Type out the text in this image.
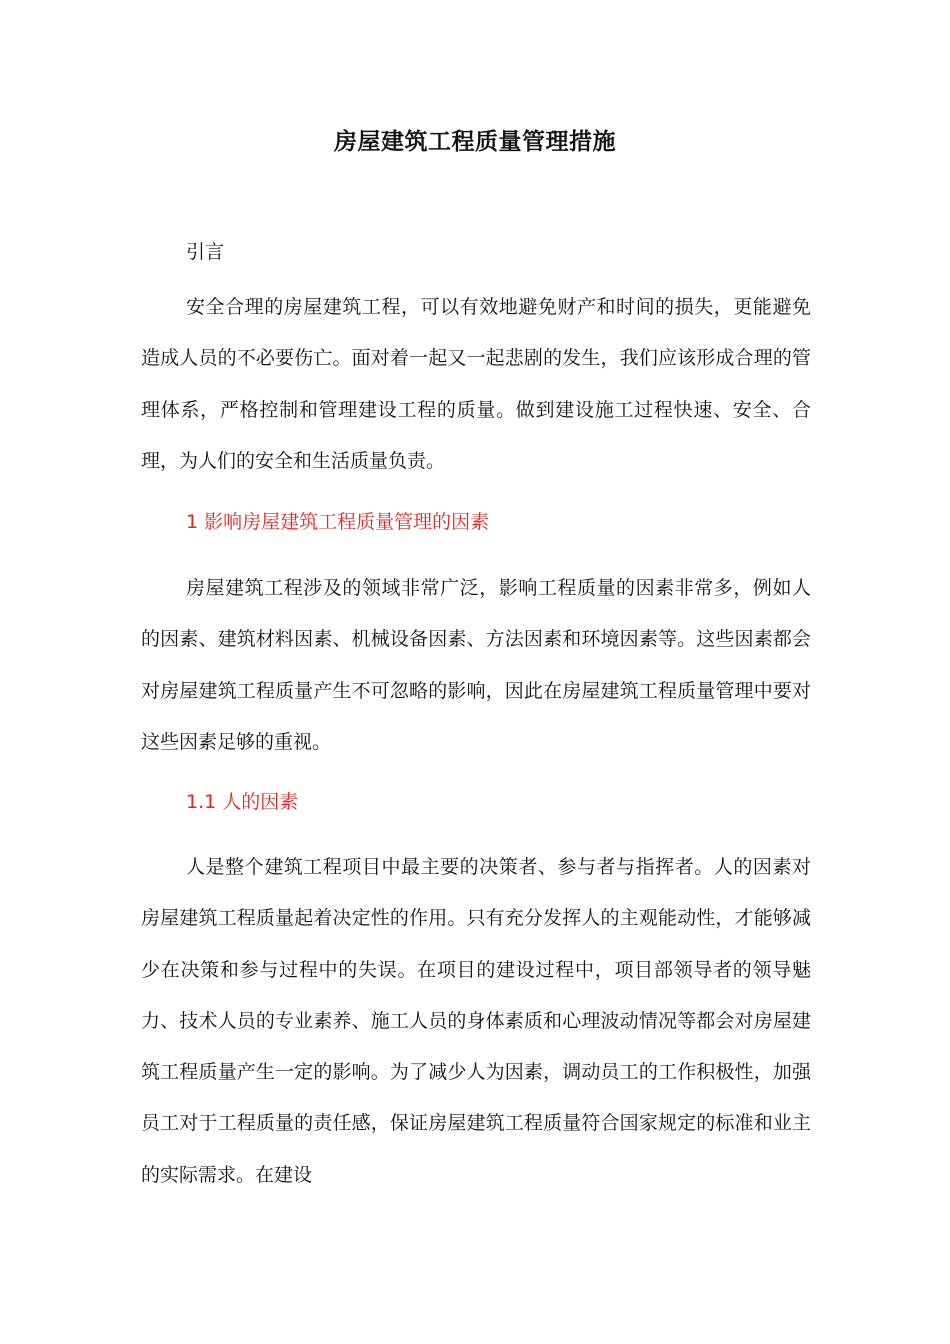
房屋建筑工程质量管理措施

引言

安全合理的房屋建筑工程，可以有效地避免财产和时间的损失，更能避免造成人员的不必要伤亡。面对着一起又一起悲剧的发生，我们应该形成合理的管理体系，严格控制和管理建设工程的质量。做到建设施工过程快速、安全、合理，为人们的安全和生活质量负责。

1 影响房屋建筑工程质量管理的因素

房屋建筑工程涉及的领域非常广泛，影响工程质量的因素非常多，例如人的因素、建筑材料因素、机械设备因素、方法因素和环境因素等。这些因素都会对房屋建筑工程质量产生不可忽略的影响，因此在房屋建筑工程质量管理中要对这些因素足够的重视。

1.1 人的因素

人是整个建筑工程项目中最主要的决策者、参与者与指挥者。人的因素对房屋建筑工程质量起着决定性的作用。只有充分发挥人的主观能动性，才能够减少在决策和参与过程中的失误。在项目的建设过程中，项目部领导者的领导魅力、技术人员的专业素养、施工人员的身体素质和心理波动情况等都会对房屋建筑工程质量产生一定的影响。为了减少人为因素，调动员工的工作积极性，加强员工对于工程质量的责任感，保证房屋建筑工程质量符合国家规定的标准和业主的实际需求。在建设
